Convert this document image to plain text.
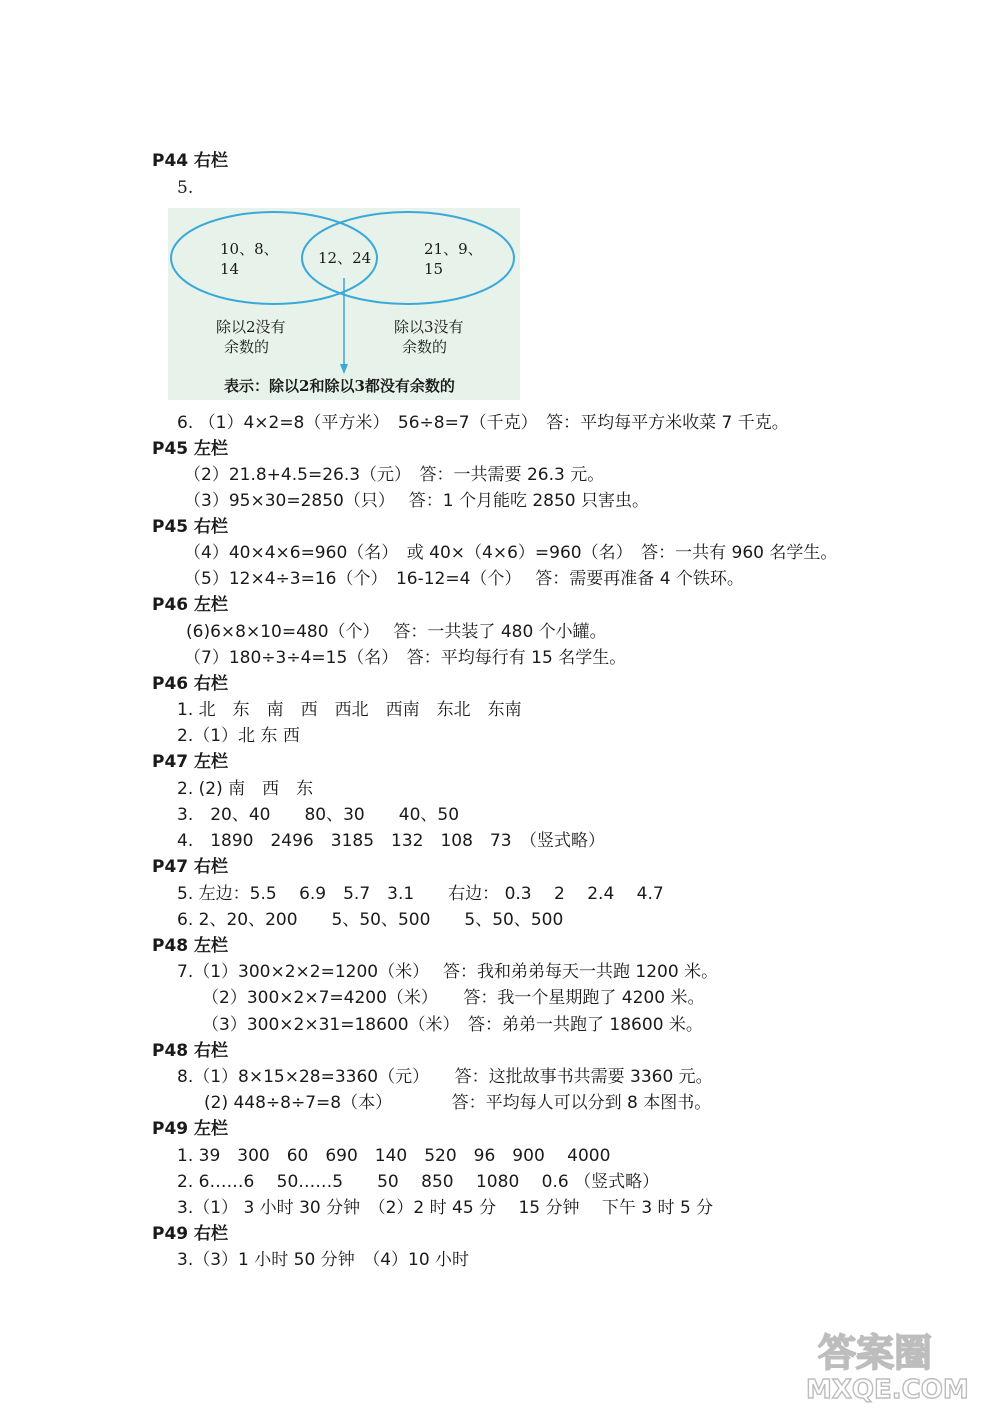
P44 右栏
5.
10、8、
14
12、24	21、9、
15
除以2没有
余数的
除以3没有
余数的
表示：除以2和除以3都没有余数的
6. （1）4×2=8（平方米）　56÷8=7（千克）　答：平均每平方米收菜 7 千克。
P45 左栏
（2）21.8+4.5=26.3（元）　答：一共需要 26.3 元。
（3）95×30=2850（只）　 答：1 个月能吃 2850 只害虫。
P45 右栏
（4）40×4×6=960（名）　或 40×（4×6）=960（名）　答：一共有 960 名学生。
（5）12×4÷3=16（个）　16-12=4（个）　 答：需要再准备 4 个铁环。
P46 左栏
(6)6×8×10=480（个）　 答：一共装了 480 个小罐。
（7）180÷3÷4=15（名）　答：平均每行有 15 名学生。
P46 右栏
1. 北　东　南　西　西北　西南　东北　东南
2.（1）北 东 西
P47 左栏
2. (2) 南　西　东
3.　20、40　　80、30　　40、50
4.　1890　2496　3185　132　108　73　（竖式略）
P47 右栏
5. 左边：5.5　 6.9　5.7　3.1　　右边： 0.3　 2　 2.4　 4.7
6. 2、20、200　　5、50、500　　5、50、500
P48 左栏
7.（1）300×2×2=1200（米）　 答：我和弟弟每天一共跑 1200 米。
（2）300×2×7=4200（米）　　答：我一个星期跑了 4200 米。
（3）300×2×31=18600（米）　答：弟弟一共跑了 18600 米。
P48 右栏
8.（1）8×15×28=3360（元）　　答：这批故事书共需要 3360 元。
(2) 448÷8÷7=8（本）　　　　答：平均每人可以分到 8 本图书。
P49 左栏
1. 39　300　60　690　140　520　96　900　 4000
2. 6……6　 50……5　　50　 850　 1080　 0.6 （竖式略）
3.（1） 3 小时 30 分钟　（2）2 时 45 分　 15 分钟　 下午 3 时 5 分
P49 右栏
3.（3）1 小时 50 分钟　（4）10 小时
答案圈
MXQE.COM
